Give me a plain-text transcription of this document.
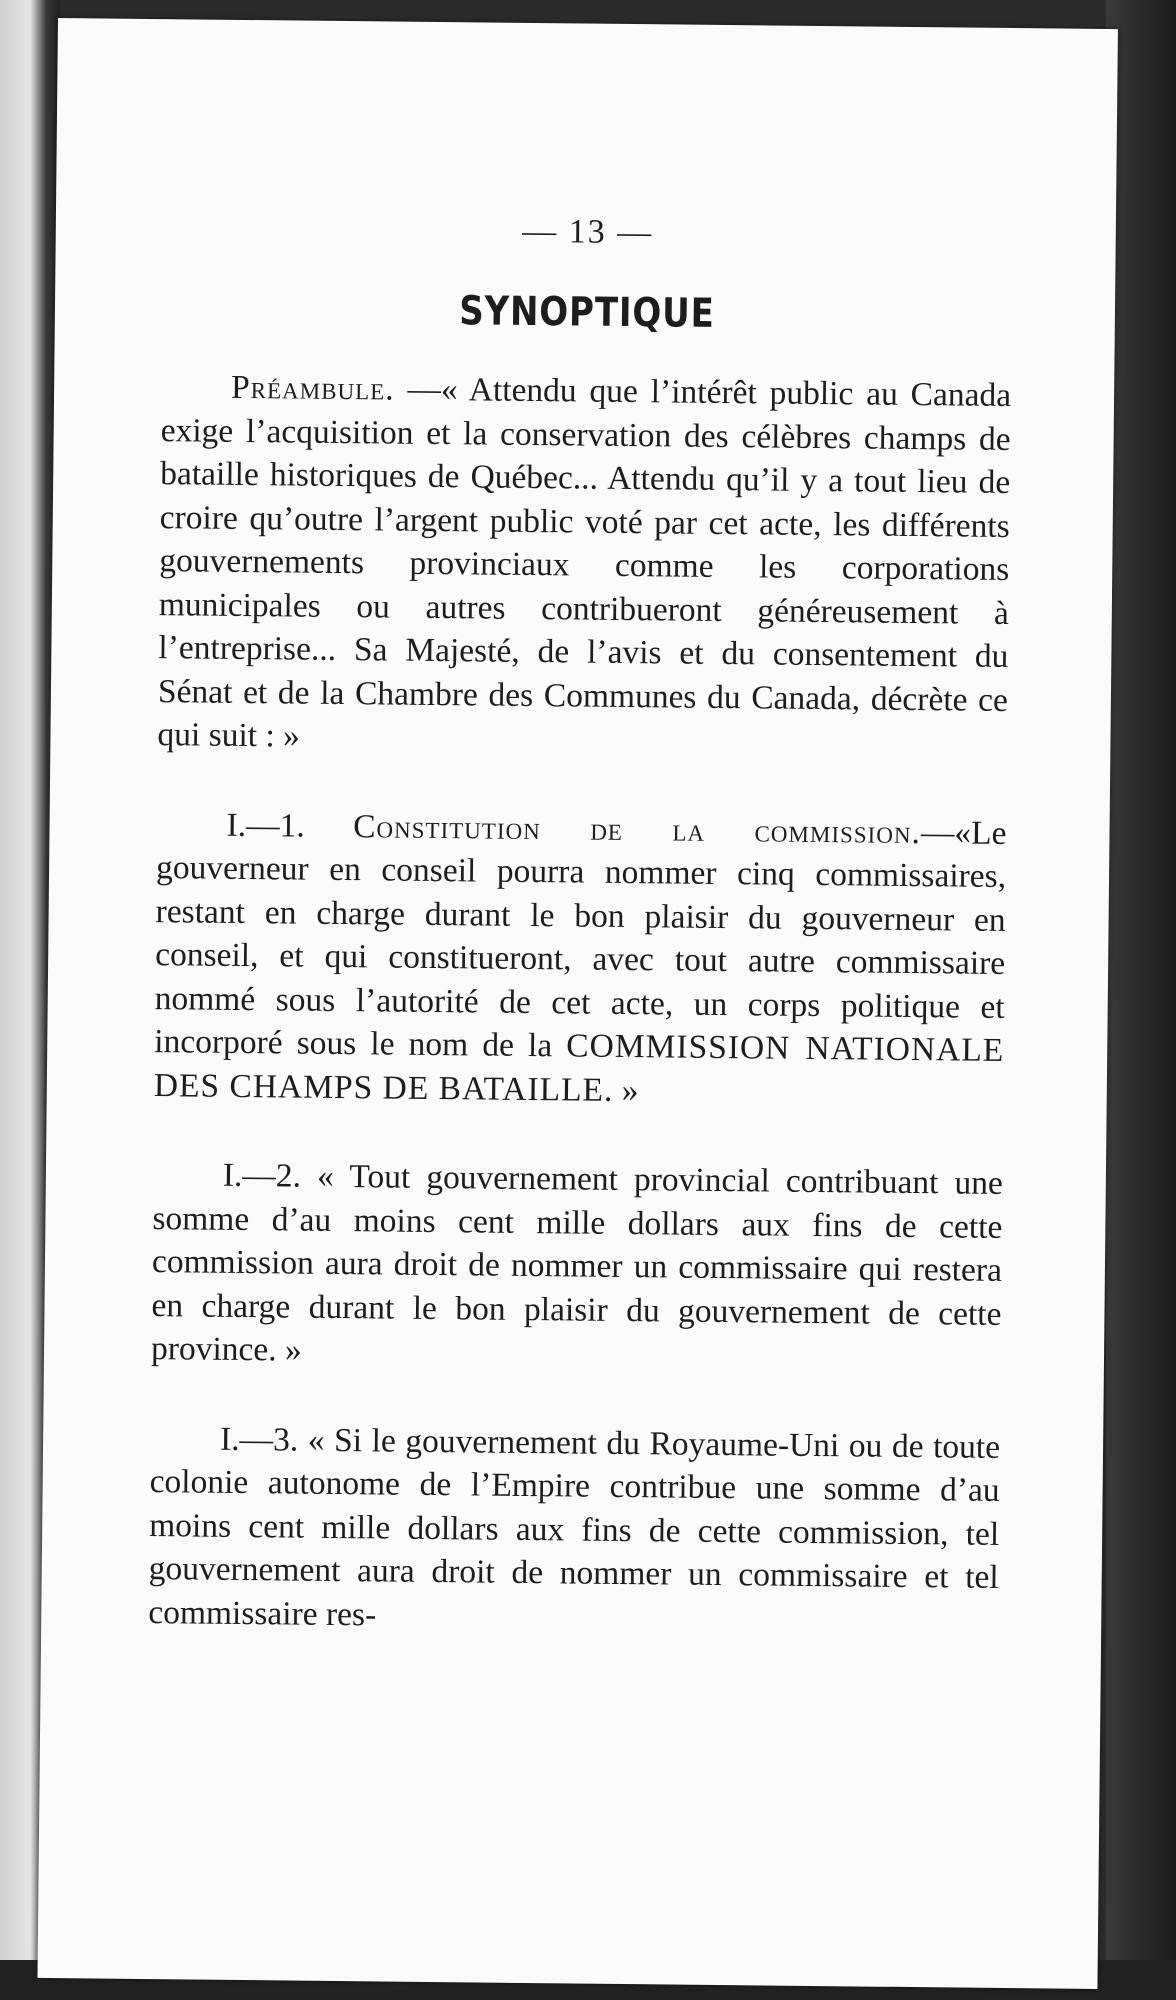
— 13 —
SYNOPTIQUE

Préambule. —« Attendu que l’intérêt public au Canada exige l’acquisition et la conservation des célèbres champs de bataille historiques de Québec... Attendu qu’il y a tout lieu de croire qu’outre l’argent public voté par cet acte, les différents gouvernements provinciaux comme les corporations municipales ou autres contribueront généreusement à l’entreprise... Sa Majesté, de l’avis et du consentement du Sénat et de la Chambre des Communes du Canada, décrète ce qui suit : »

I.—1. Constitution de la commission.—«Le gouverneur en conseil pourra nommer cinq commissaires, restant en charge durant le bon plaisir du gouverneur en conseil, et qui constitueront, avec tout autre commissaire nommé sous l’autorité de cet acte, un corps politique et incorporé sous le nom de la COMMISSION NATIONALE DES CHAMPS DE BATAILLE. »

I.—2. « Tout gouvernement provincial contribuant une somme d’au moins cent mille dollars aux fins de cette commission aura droit de nommer un commissaire qui restera en charge durant le bon plaisir du gouvernement de cette province. »

I.—3. « Si le gouvernement du Royaume-Uni ou de toute colonie autonome de l’Empire contribue une somme d’au moins cent mille dollars aux fins de cette commission, tel gouvernement aura droit de nommer un commissaire et tel commissaire res-
